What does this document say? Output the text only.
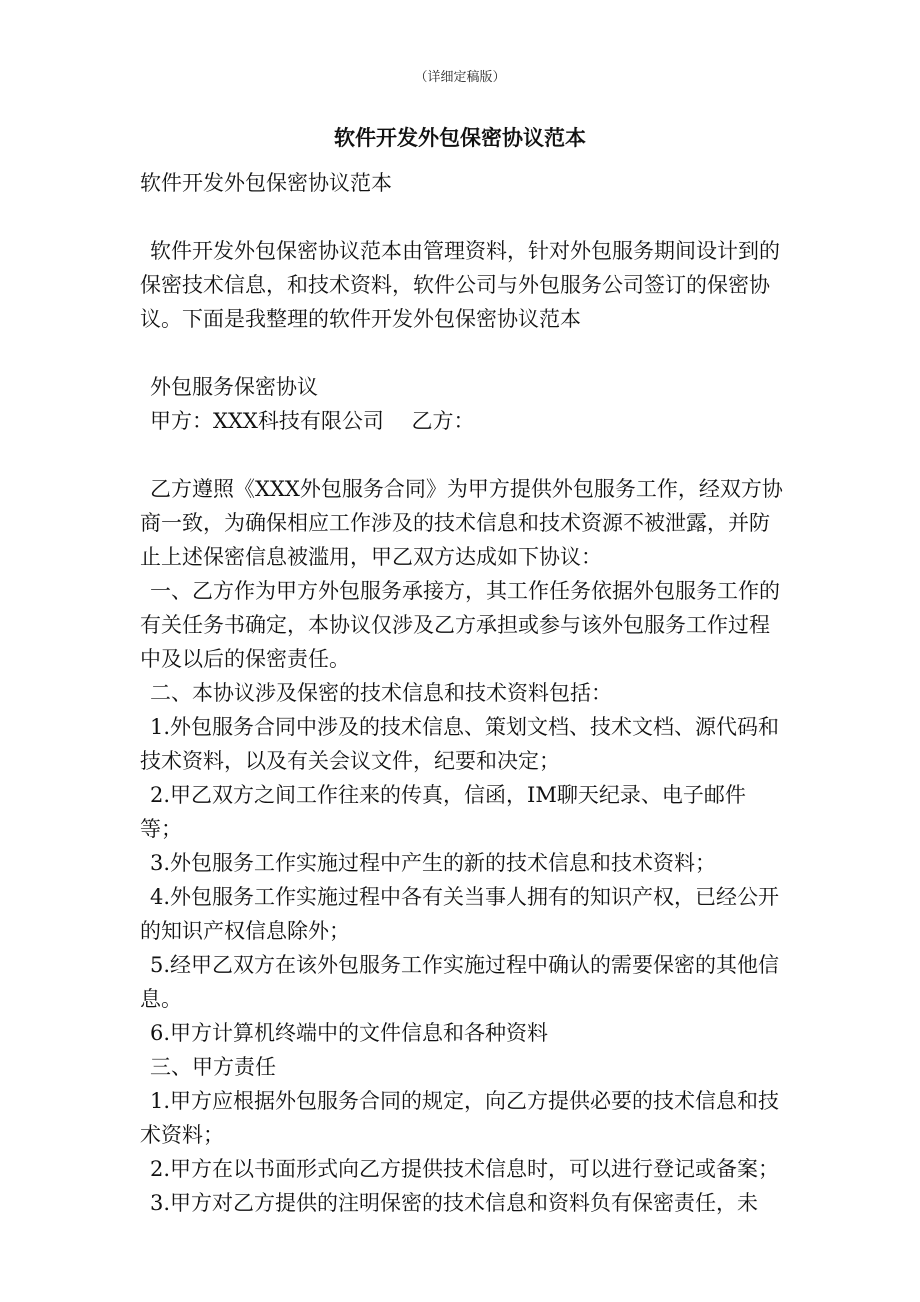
（详细定稿版）
软件开发外包保密协议范本

软件开发外包保密协议范本

软件开发外包保密协议范本由管理资料，针对外包服务期间设计到的保密技术信息，和技术资料，软件公司与外包服务公司签订的保密协议。下面是我整理的软件开发外包保密协议范本

外包服务保密协议

甲方：XXX科技有限公司　 乙方：

乙方遵照《XXX外包服务合同》为甲方提供外包服务工作，经双方协商一致，为确保相应工作涉及的技术信息和技术资源不被泄露，并防止上述保密信息被滥用，甲乙双方达成如下协议：

一、乙方作为甲方外包服务承接方，其工作任务依据外包服务工作的有关任务书确定，本协议仅涉及乙方承担或参与该外包服务工作过程中及以后的保密责任。

二、本协议涉及保密的技术信息和技术资料包括：

1.外包服务合同中涉及的技术信息、策划文档、技术文档、源代码和技术资料，以及有关会议文件，纪要和决定；

2.甲乙双方之间工作往来的传真，信函，IM聊天纪录、电子邮件等；

3.外包服务工作实施过程中产生的新的技术信息和技术资料；

4.外包服务工作实施过程中各有关当事人拥有的知识产权，已经公开的知识产权信息除外；

5.经甲乙双方在该外包服务工作实施过程中确认的需要保密的其他信息。

6.甲方计算机终端中的文件信息和各种资料

三、甲方责任

1.甲方应根据外包服务合同的规定，向乙方提供必要的技术信息和技术资料；

2.甲方在以书面形式向乙方提供技术信息时，可以进行登记或备案；

3.甲方对乙方提供的注明保密的技术信息和资料负有保密责任，未
